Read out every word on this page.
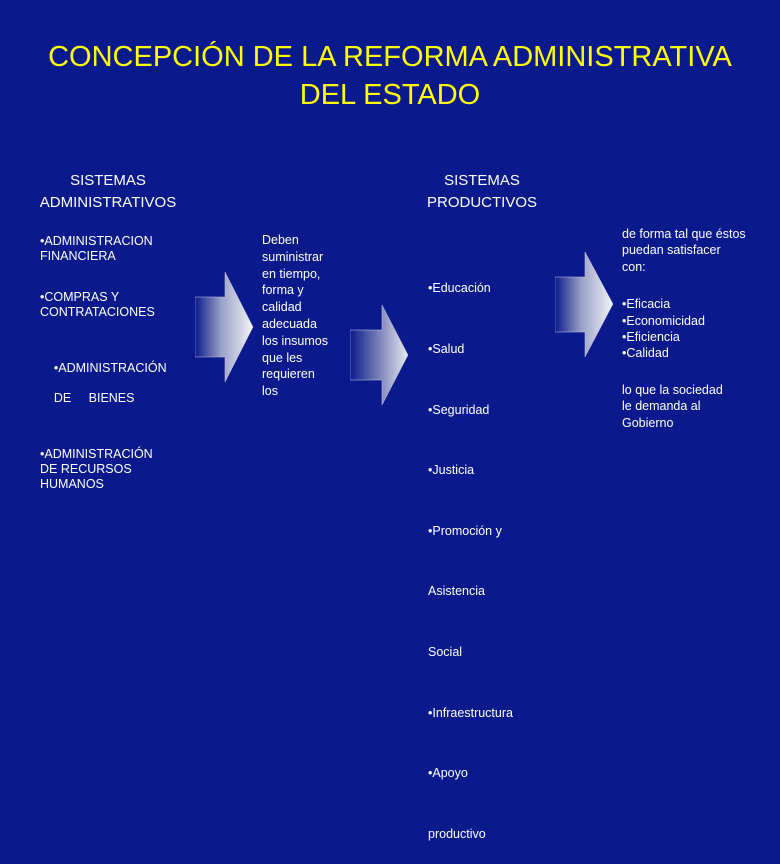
CONCEPCIÓN DE LA REFORMA ADMINISTRATIVA
DEL ESTADO
SISTEMAS
ADMINISTRATIVOS
SISTEMAS
PRODUCTIVOS

•ADMINISTRACION
FINANCIERA

•COMPRAS Y
CONTRATACIONES

•ADMINISTRACIÓN

DE     BIENES

•ADMINISTRACIÓN
DE RECURSOS
HUMANOS

Deben
suministrar
en tiempo,
forma y
calidad
adecuada
los insumos
que les
requieren
los

•Educación

•Salud

•Seguridad

•Justicia

•Promoción y

Asistencia

Social

•Infraestructura

•Apoyo

productivo

de forma tal que éstos
puedan satisfacer
con:

•Eficacia
•Economicidad
•Eficiencia
•Calidad

lo que la sociedad
le demanda al
Gobierno
